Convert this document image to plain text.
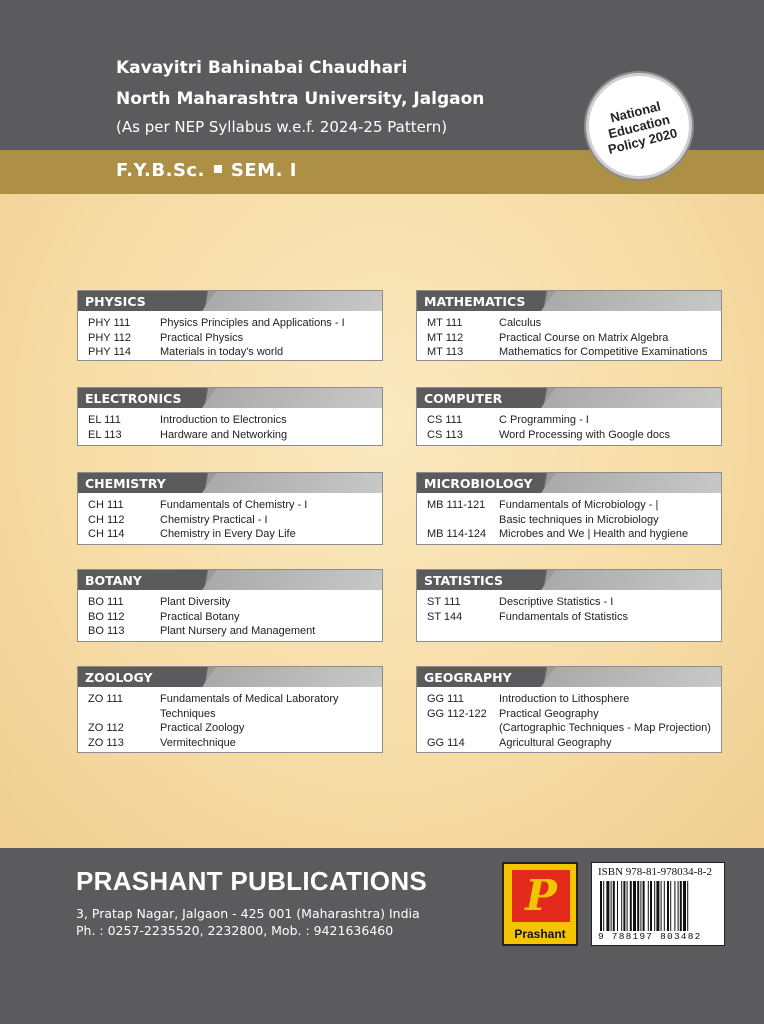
Kavayitri Bahinabai Chaudhari
North Maharashtra University, Jalgaon
(As per NEP Syllabus w.e.f. 2024-25 Pattern)
National Education Policy 2020
F.Y.B.Sc. SEM. I
PHYSICS
PHY 111	Physics Principles and Applications - I
PHY 112	Practical Physics
PHY 114	Materials in today's world
MATHEMATICS
MT 111	Calculus
MT 112	Practical Course on Matrix Algebra
MT 113	Mathematics for Competitive Examinations
ELECTRONICS
EL 111	Introduction to Electronics
EL 113	Hardware and Networking
COMPUTER
CS 111	C Programming - I
CS 113	Word Processing with Google docs
CHEMISTRY
CH 111	Fundamentals of Chemistry - I
CH 112	Chemistry Practical - I
CH 114	Chemistry in Every Day Life
MICROBIOLOGY
MB 111-121	Fundamentals of Microbiology - |
Basic techniques in Microbiology
MB 114-124	Microbes and We | Health and hygiene
BOTANY
BO 111	Plant Diversity
BO 112	Practical Botany
BO 113	Plant Nursery and Management
STATISTICS
ST 111	Descriptive Statistics - I
ST 144	Fundamentals of Statistics
ZOOLOGY
ZO 111	Fundamentals of Medical Laboratory
Techniques
ZO 112	Practical Zoology
ZO 113	Vermitechnique
GEOGRAPHY
GG 111	Introduction to Lithosphere
GG 112-122	Practical Geography
(Cartographic Techniques - Map Projection)
GG 114	Agricultural Geography
PRASHANT PUBLICATIONS
3, Pratap Nagar, Jalgaon - 425 001 (Maharashtra) India
Ph. : 0257-2235520, 2232800, Mob. : 9421636460
P
Prashant
ISBN 978-81-978034-8-2
9 788197 803482
